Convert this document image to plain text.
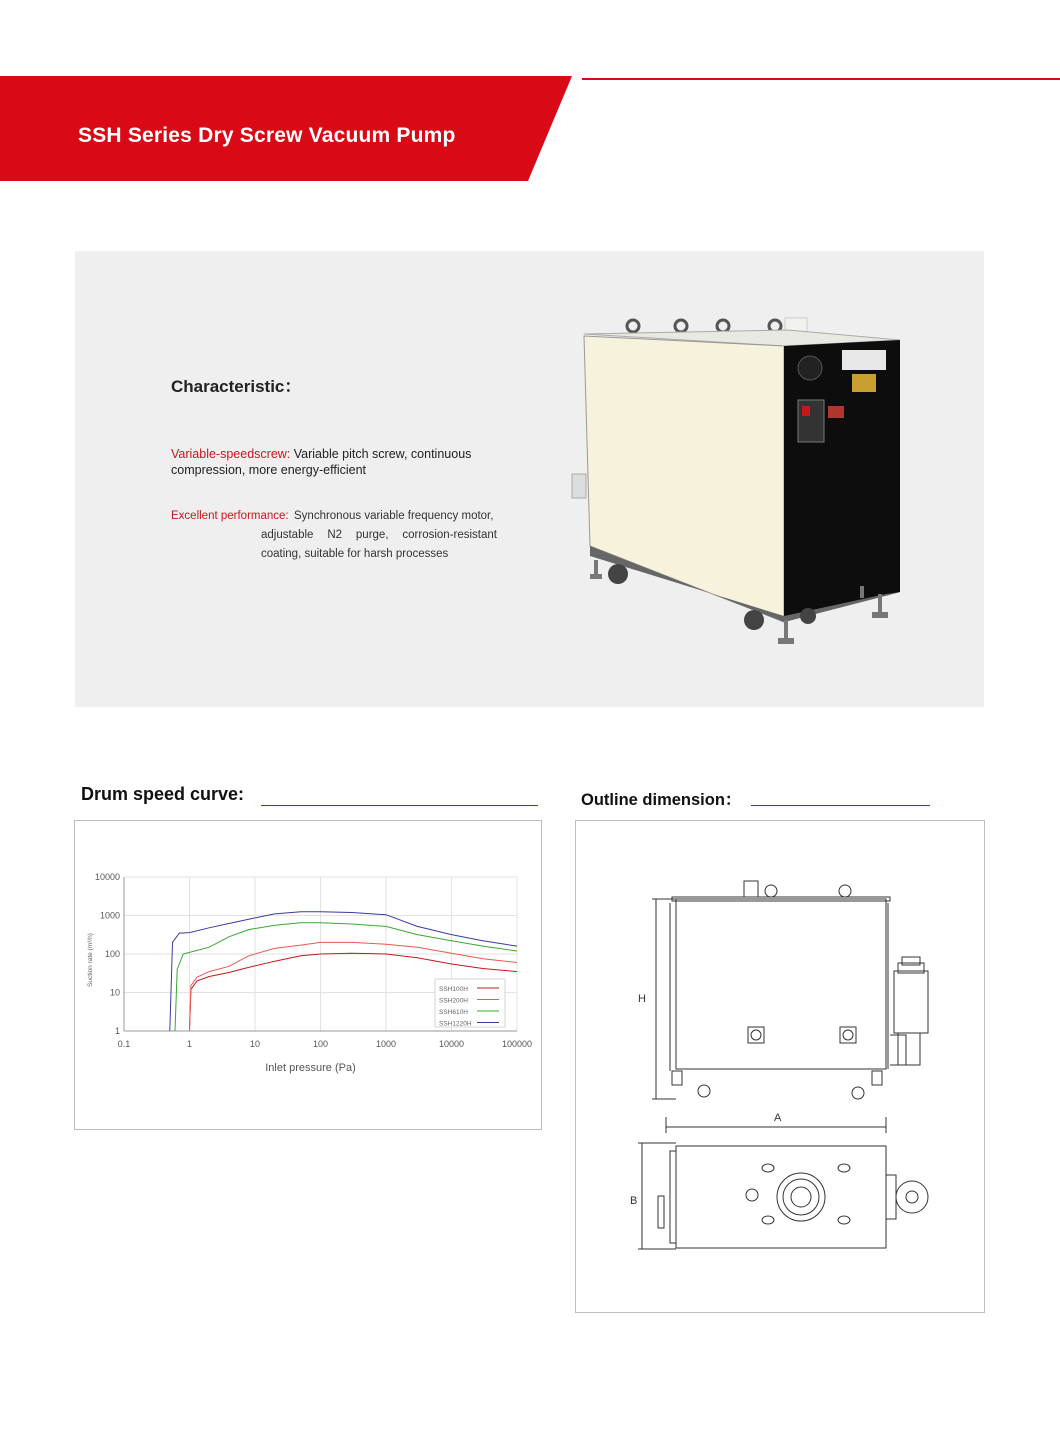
SSH Series Dry Screw Vacuum Pump
Characteristic：
Variable-speedscrew: Variable pitch screw, continuous compression, more energy-efficient
Excellent performance: Synchronous variable frequency motor,
adjustable N2 purge, corrosion-resistant
coating, suitable for harsh processes
Drum speed curve:	Outline dimension：
0.1	1	10	100	1000	10000	100000
1
10
100
1000
10000
SSH100H
SSH200H
SSH610H
SSH1220H
Inlet pressure (Pa)
Suction rate (m³/h)
H
A
B
